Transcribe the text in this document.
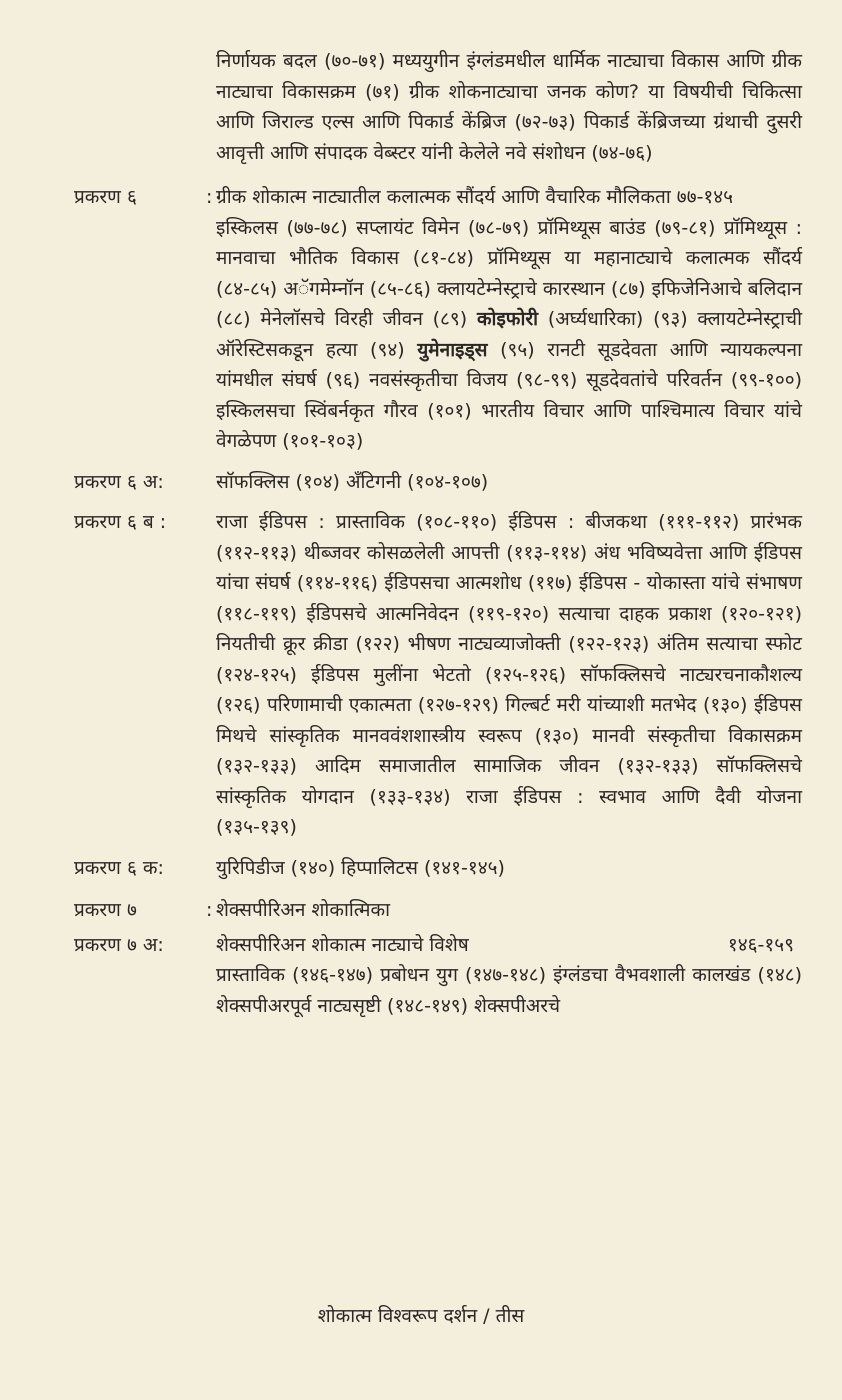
निर्णायक बदल (७०-७१) मध्ययुगीन इंग्लंडमधील धार्मिक नाट्याचा विकास आणि ग्रीक नाट्याचा विकासक्रम (७१) ग्रीक शोकनाट्याचा जनक कोण? या विषयीची चिकित्सा आणि जिराल्ड एल्स आणि पिकार्ड केंब्रिज (७२-७३) पिकार्ड केंब्रिजच्या ग्रंथाची दुसरी आवृत्ती आणि संपादक वेब्स्टर यांनी केलेले नवे संशोधन (७४-७६)
प्रकरण ६	: ग्रीक शोकात्म नाट्यातील कलात्मक सौंदर्य आणि वैचारिक मौलिकता ७७-१४५
इस्किलस (७७-७८) सप्लायंट विमेन (७८-७९) प्रॉमिथ्यूस बाउंड (७९-८१) प्रॉमिथ्यूस : मानवाचा भौतिक विकास (८१-८४) प्रॉमिथ्यूस या महानाट्याचे कलात्मक सौंदर्य (८४-८५) अॅगमेम्नॉन (८५-८६) क्लायटेम्नेस्ट्राचे कारस्थान (८७) इफिजेनिआचे बलिदान (८८) मेनेलॉसचे विरही जीवन (८९) कोइफोरी (अर्घ्यधारिका) (९३) क्लायटेम्नेस्ट्राची ऑरेस्टिसकडून हत्या (९४) युमेनाइड्स (९५) रानटी सूडदेवता आणि न्यायकल्पना यांमधील संघर्ष (९६) नवसंस्कृतीचा विजय (९८-९९) सूडदेवतांचे परिवर्तन (९९-१००) इस्किलसचा स्विंबर्नकृत गौरव (१०१) भारतीय विचार आणि पाश्चिमात्य विचार यांचे वेगळेपण (१०१-१०३)
प्रकरण ६ अ:	सॉफक्लिस (१०४) अँटिगनी (१०४-१०७)
प्रकरण ६ ब :	राजा ईडिपस : प्रास्ताविक (१०८-११०) ईडिपस : बीजकथा (१११-११२) प्रारंभक (११२-११३) थीब्जवर कोसळलेली आपत्ती (११३-११४) अंध भविष्यवेत्ता आणि ईडिपस यांचा संघर्ष (११४-११६) ईडिपसचा आत्मशोध (११७) ईडिपस - योकास्ता यांचे संभाषण (११८-११९) ईडिपसचे आत्मनिवेदन (११९-१२०) सत्याचा दाहक प्रकाश (१२०-१२१) नियतीची क्रूर क्रीडा (१२२) भीषण नाट्यव्याजोक्ती (१२२-१२३) अंतिम सत्याचा स्फोट (१२४-१२५) ईडिपस मुलींना भेटतो (१२५-१२६) सॉफक्लिसचे नाट्यरचनाकौशल्य (१२६) परिणामाची एकात्मता (१२७-१२९) गिल्बर्ट मरी यांच्याशी मतभेद (१३०) ईडिपस मिथचे सांस्कृतिक मानववंशशास्त्रीय स्वरूप (१३०) मानवी संस्कृतीचा विकासक्रम (१३२-१३३) आदिम समाजातील सामाजिक जीवन (१३२-१३३) सॉफक्लिसचे सांस्कृतिक योगदान (१३३-१३४) राजा ईडिपस : स्वभाव आणि दैवी योजना (१३५-१३९)
प्रकरण ६ क:	युरिपिडीज (१४०) हिप्पालिटस (१४१-१४५)
प्रकरण ७	: शेक्सपीरिअन शोकात्मिका
प्रकरण ७ अ:	शेक्सपीरिअन शोकात्म नाट्याचे विशेष	१४६-१५९
प्रास्ताविक (१४६-१४७) प्रबोधन युग (१४७-१४८) इंग्लंडचा वैभवशाली कालखंड (१४८) शेक्सपीअरपूर्व नाट्यसृष्टी (१४८-१४९) शेक्सपीअरचे
शोकात्म विश्वरूप दर्शन / तीस
